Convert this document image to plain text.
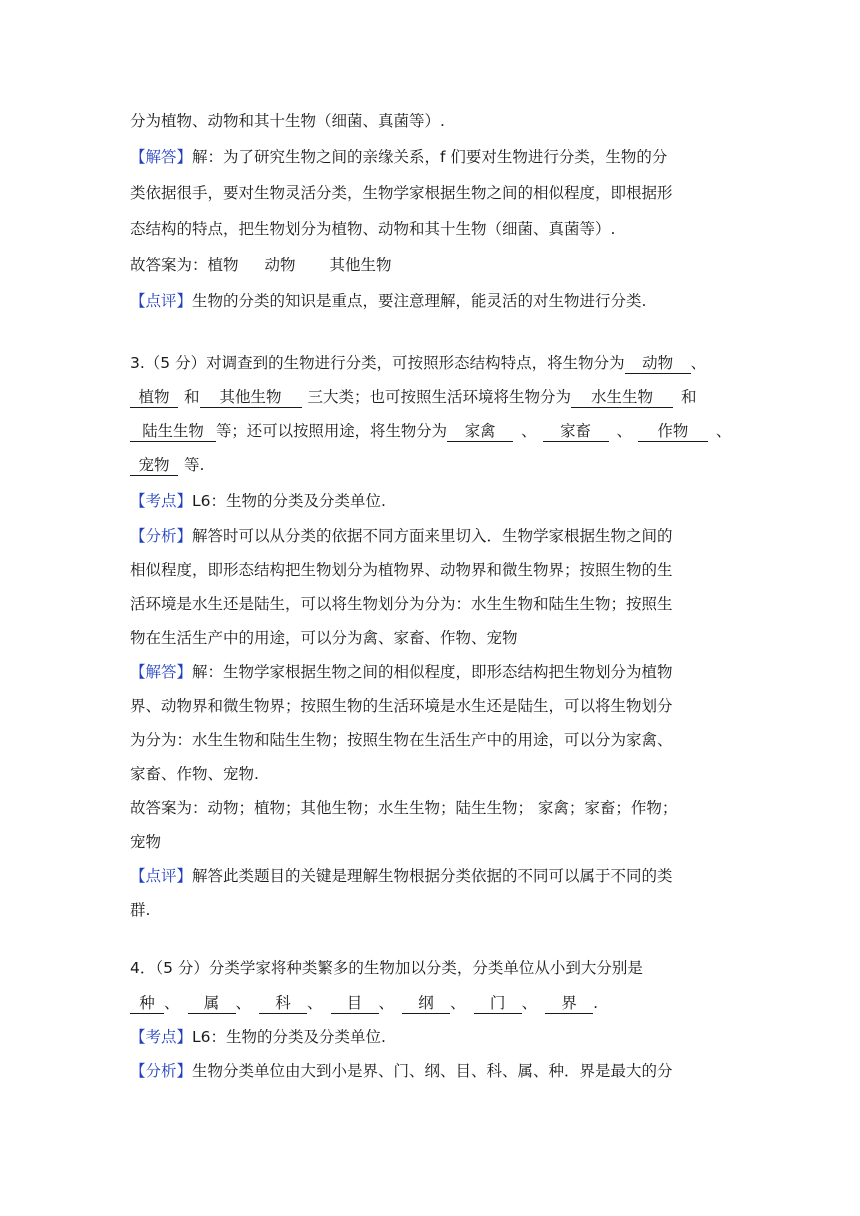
分为植物、动物和其十生物（细菌、真菌等）.
【解答】解：为了研究生物之间的亲缘关系，f 们要对生物进行分类，生物的分
类依据很手，要对生物灵活分类，生物学家根据生物之间的相似程度，即根据形
态结构的特点，把生物划分为植物、动物和其十生物（细菌、真菌等）.
故答案为：植物 动物 其他生物
【点评】生物的分类的知识是重点，要注意理解，能灵活的对生物进行分类.
3.（5 分）对调查到的生物进行分类，可按照形态结构特点，将生物分为 动物 、
植物 和 其他生物 三大类；也可按照生活环境将生物分为 水生生物 和
陆生生物 等；还可以按照用途，将生物分为 家禽 、 家畜 、 作物 、
宠物 等.
【考点】L6：生物的分类及分类单位.
【分析】解答时可以从分类的依据不同方面来里切入．生物学家根据生物之间的
相似程度，即形态结构把生物划分为植物界、动物界和微生物界；按照生物的生
活环境是水生还是陆生，可以将生物划分为分为：水生生物和陆生生物；按照生
物在生活生产中的用途，可以分为禽、家畜、作物、宠物
【解答】解：生物学家根据生物之间的相似程度，即形态结构把生物划分为植物
界、动物界和微生物界；按照生物的生活环境是水生还是陆生，可以将生物划分
为分为：水生生物和陆生生物；按照生物在生活生产中的用途，可以分为家禽、
家畜、作物、宠物.
故答案为：动物；植物；其他生物；水生生物；陆生生物； 家禽；家畜；作物；
宠物
【点评】解答此类题目的关键是理解生物根据分类依据的不同可以属于不同的类
群.
4．（5 分）分类学家将种类繁多的生物加以分类，分类单位从小到大分别是
种 、 属 、 科 、 目 、 纲 、 门 、 界 .
【考点】L6：生物的分类及分类单位.
【分析】生物分类单位由大到小是界、门、纲、目、科、属、种．界是最大的分
